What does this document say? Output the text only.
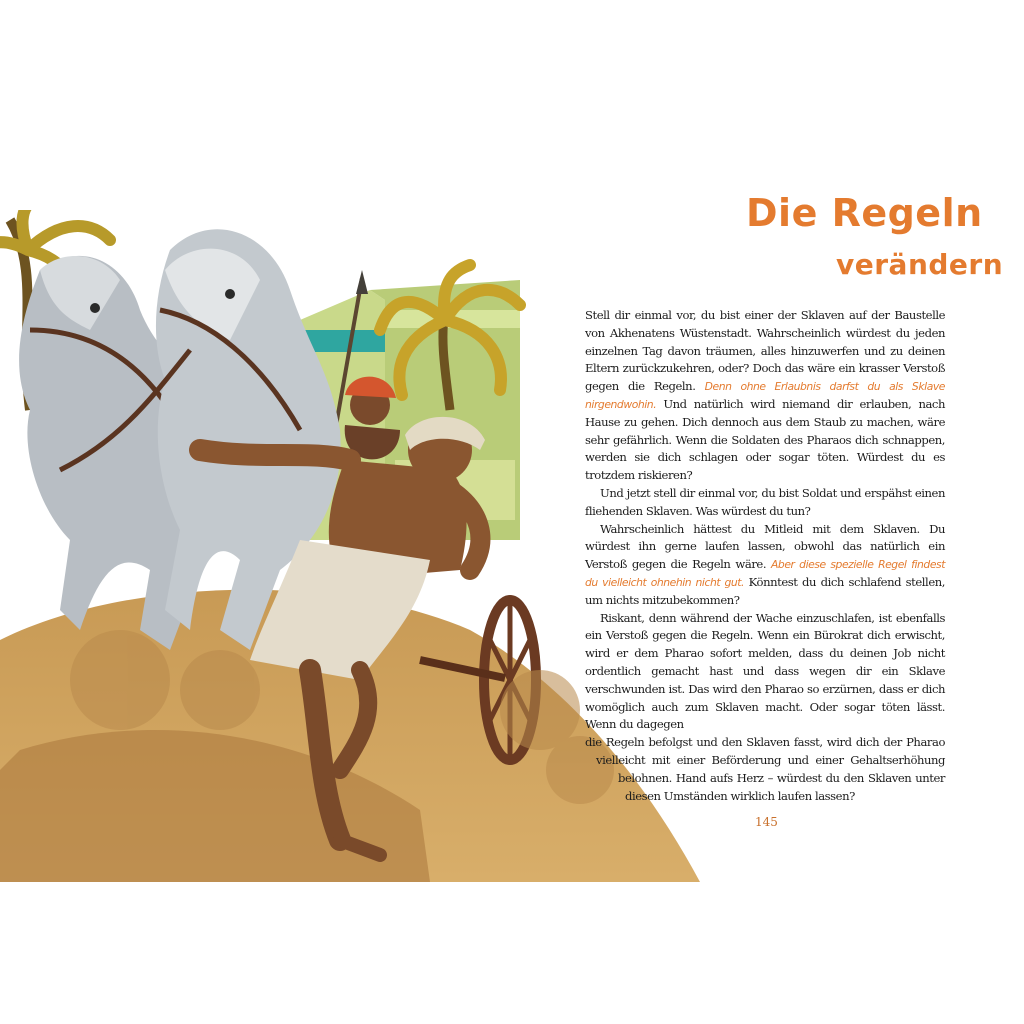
Die Regeln
verändern

Stell dir einmal vor, du bist einer der Sklaven auf der Baustelle von Akhenatens Wüstenstadt. Wahrscheinlich würdest du jeden einzelnen Tag davon träumen, alles hinzuwerfen und zu deinen Eltern zurückzukehren, oder? Doch das wäre ein krasser Verstoß gegen die Regeln. Denn ohne Erlaubnis darfst du als Sklave nirgendwohin. Und natürlich wird niemand dir erlauben, nach Hause zu gehen. Dich dennoch aus dem Staub zu machen, wäre sehr gefährlich. Wenn die Soldaten des Pharaos dich schnappen, werden sie dich schlagen oder sogar töten. Würdest du es trotzdem riskieren?

Und jetzt stell dir einmal vor, du bist Soldat und erspähst einen fliehenden Sklaven. Was würdest du tun?

Wahrscheinlich hättest du Mitleid mit dem Sklaven. Du würdest ihn gerne laufen lassen, obwohl das natürlich ein Verstoß gegen die Regeln wäre. Aber diese spezielle Regel findest du vielleicht ohnehin nicht gut. Könntest du dich schlafend stellen, um nichts mitzubekommen?

Riskant, denn während der Wache einzuschlafen, ist ebenfalls ein Verstoß gegen die Regeln. Wenn ein Bürokrat dich erwischt, wird er dem Pharao sofort melden, dass du deinen Job nicht ordentlich gemacht hast und dass wegen dir ein Sklave verschwunden ist. Das wird den Pharao so erzürnen, dass er dich womöglich auch zum Sklaven macht. Oder sogar töten lässt. Wenn du dagegen

die Regeln befolgst und den Sklaven fasst, wird dich der Pharao
vielleicht mit einer Beförderung und einer Gehaltserhöhung
belohnen. Hand aufs Herz – würdest du den Sklaven unter
diesen Umständen wirklich laufen lassen?
145
